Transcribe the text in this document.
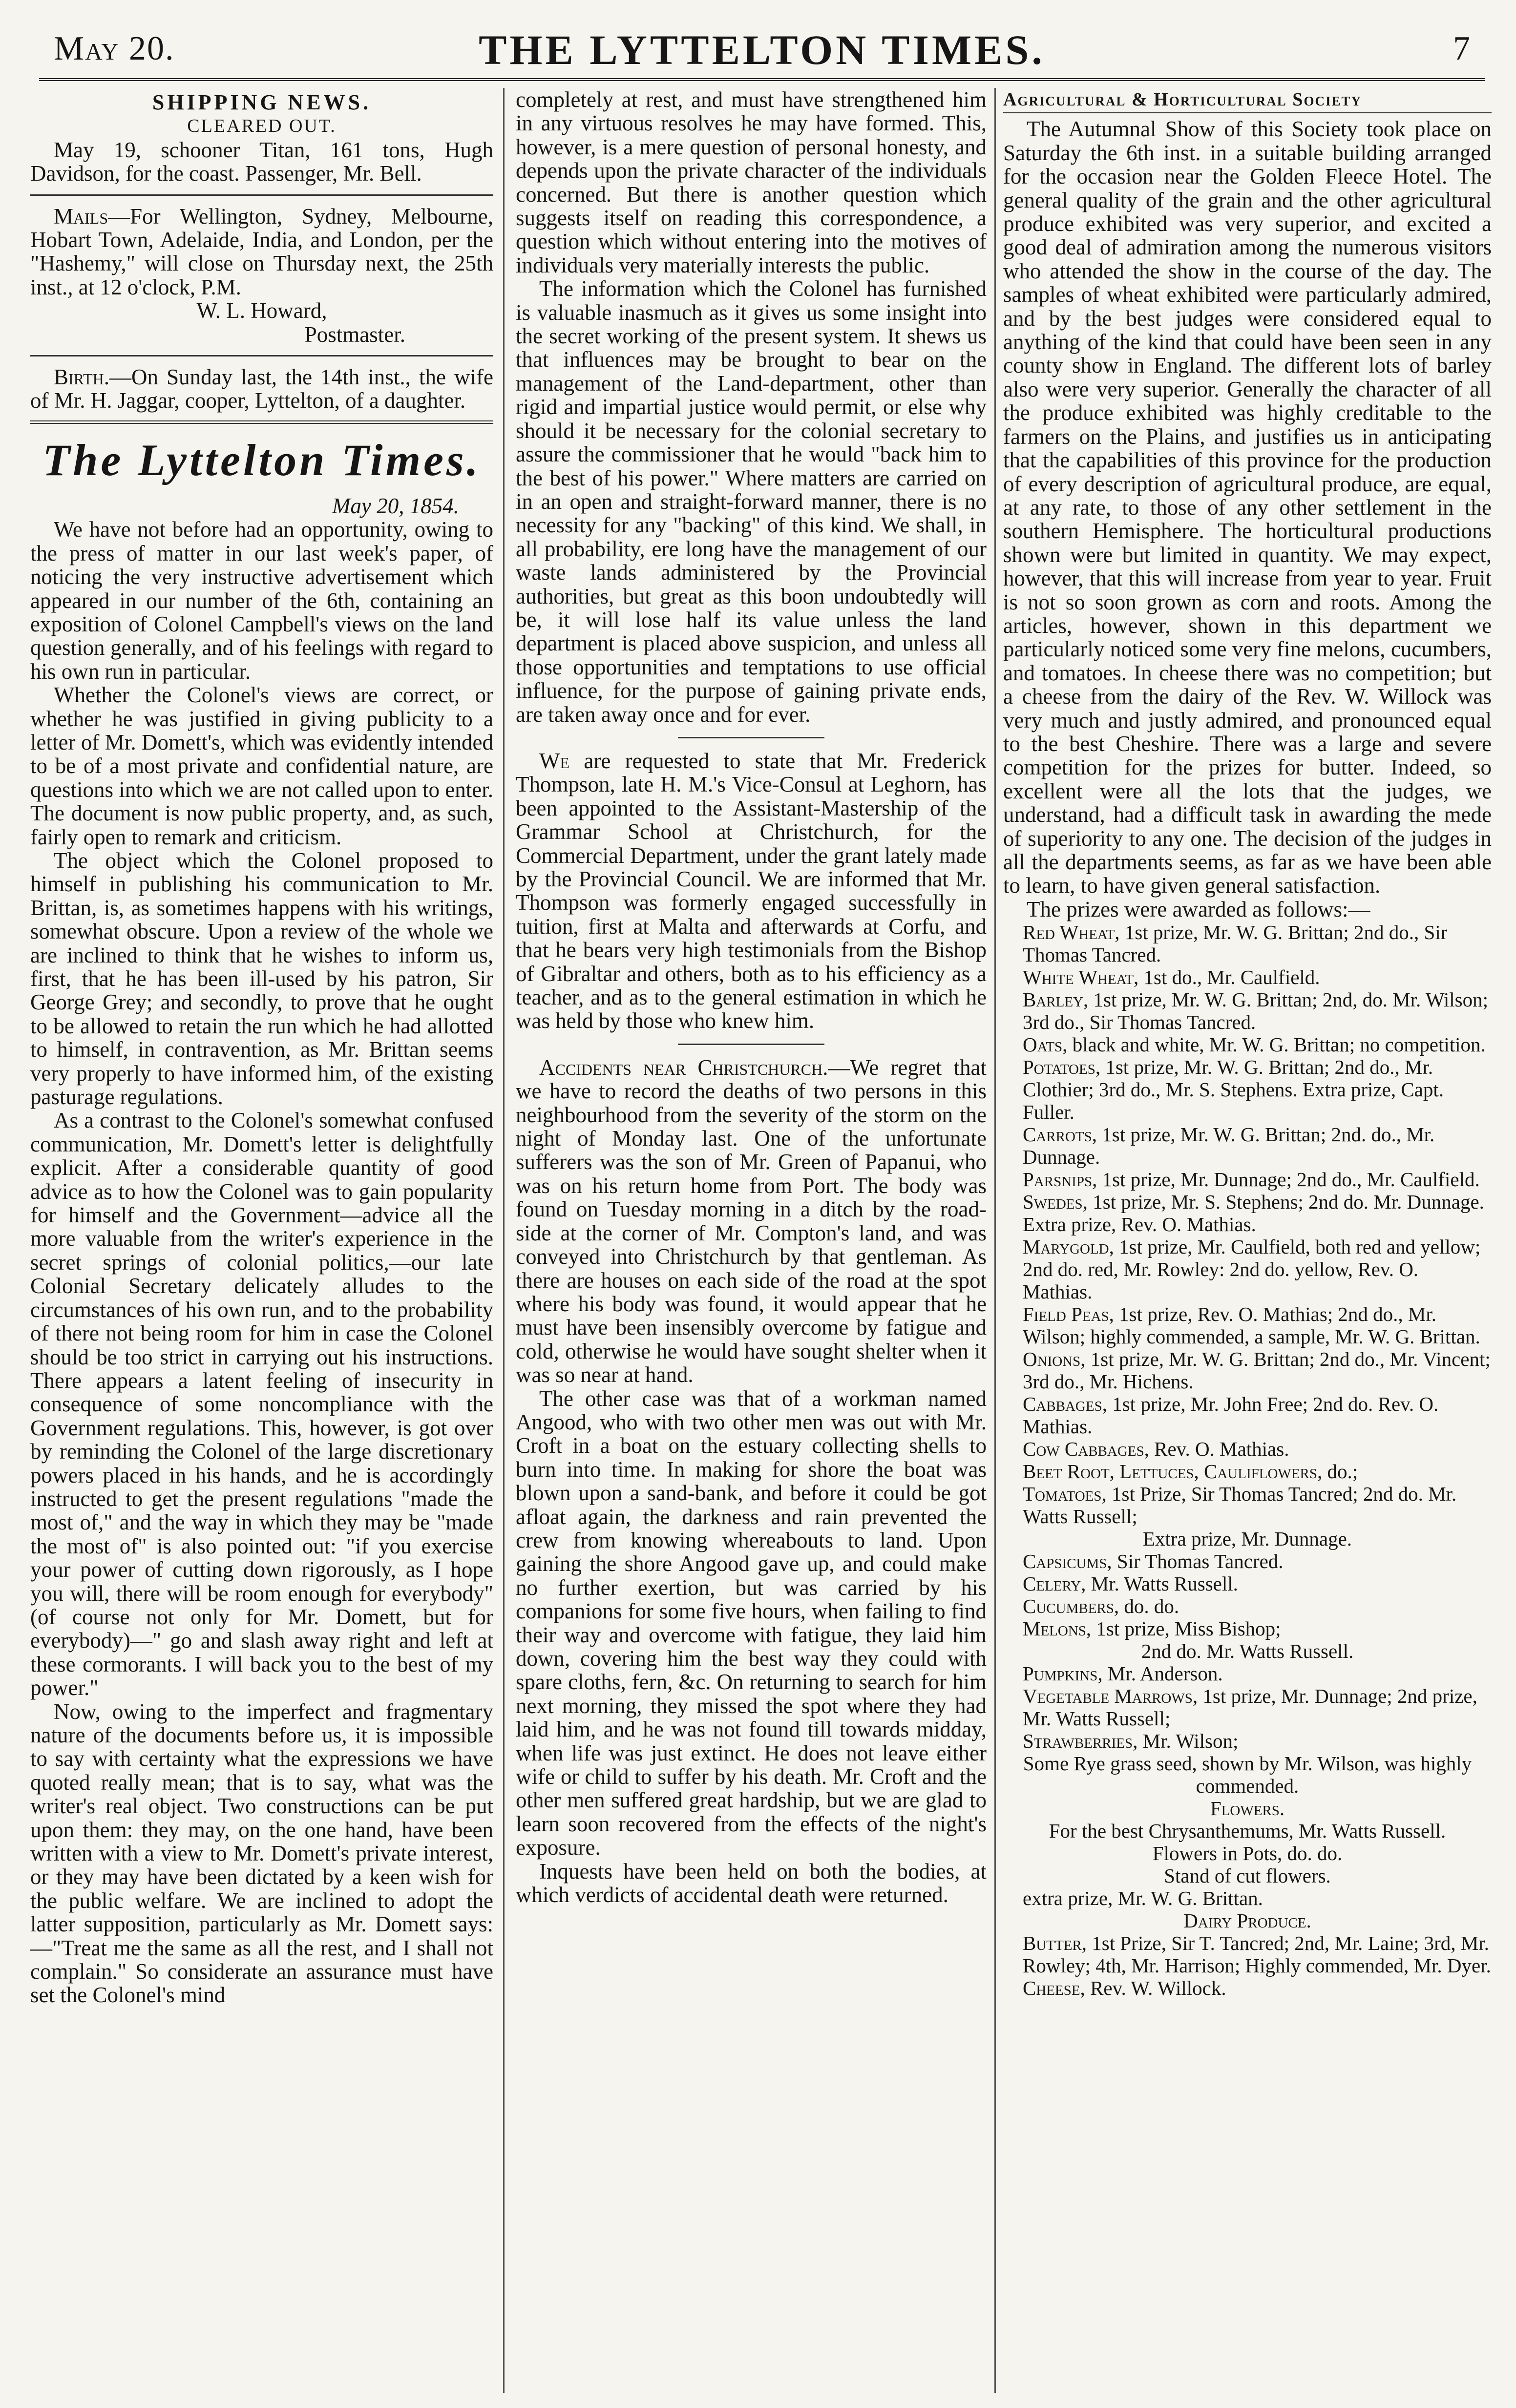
May 20.	THE LYTTELTON TIMES.	7
SHIPPING NEWS.
CLEARED OUT.

May 19, schooner Titan, 161 tons, Hugh Davidson, for the coast. Passenger, Mr. Bell.

Mails—For Wellington, Sydney, Melbourne, Hobart Town, Adelaide, India, and London, per the "Hashemy," will close on Thursday next, the 25th inst., at 12 o'clock, P.M.

W. L. Howard,
Postmaster.

Birth.—On Sunday last, the 14th inst., the wife of Mr. H. Jaggar, cooper, Lyttelton, of a daughter.

The Lyttelton Times.
May 20, 1854.

We have not before had an opportunity, owing to the press of matter in our last week's paper, of noticing the very instructive advertisement which appeared in our number of the 6th, containing an exposition of Colonel Campbell's views on the land question generally, and of his feelings with regard to his own run in particular.

Whether the Colonel's views are correct, or whether he was justified in giving publicity to a letter of Mr. Domett's, which was evidently intended to be of a most private and confidential nature, are questions into which we are not called upon to enter. The document is now public property, and, as such, fairly open to remark and criticism.

The object which the Colonel proposed to himself in publishing his communication to Mr. Brittan, is, as sometimes happens with his writings, somewhat obscure. Upon a review of the whole we are inclined to think that he wishes to inform us, first, that he has been ill-used by his patron, Sir George Grey; and secondly, to prove that he ought to be allowed to retain the run which he had allotted to himself, in contravention, as Mr. Brittan seems very properly to have informed him, of the existing pasturage regulations.

As a contrast to the Colonel's somewhat confused communication, Mr. Domett's letter is delightfully explicit. After a considerable quantity of good advice as to how the Colonel was to gain popularity for himself and the Government—advice all the more valuable from the writer's experience in the secret springs of colonial politics,—our late Colonial Secretary delicately alludes to the circumstances of his own run, and to the probability of there not being room for him in case the Colonel should be too strict in carrying out his instructions. There appears a latent feeling of insecurity in consequence of some noncompliance with the Government regulations. This, however, is got over by reminding the Colonel of the large discretionary powers placed in his hands, and he is accordingly instructed to get the present regulations "made the most of," and the way in which they may be "made the most of" is also pointed out: "if you exercise your power of cutting down rigorously, as I hope you will, there will be room enough for everybody" (of course not only for Mr. Domett, but for everybody)—" go and slash away right and left at these cormorants. I will back you to the best of my power."

Now, owing to the imperfect and fragmentary nature of the documents before us, it is impossible to say with certainty what the expressions we have quoted really mean; that is to say, what was the writer's real object. Two constructions can be put upon them: they may, on the one hand, have been written with a view to Mr. Domett's private interest, or they may have been dictated by a keen wish for the public welfare. We are inclined to adopt the latter supposition, particularly as Mr. Domett says:—"Treat me the same as all the rest, and I shall not complain." So considerate an assurance must have set the Colonel's mind

completely at rest, and must have strengthened him in any virtuous resolves he may have formed. This, however, is a mere question of personal honesty, and depends upon the private character of the individuals concerned. But there is another question which suggests itself on reading this correspondence, a question which without entering into the motives of individuals very materially interests the public.

The information which the Colonel has furnished is valuable inasmuch as it gives us some insight into the secret working of the present system. It shews us that influences may be brought to bear on the management of the Land-department, other than rigid and impartial justice would permit, or else why should it be necessary for the colonial secretary to assure the commissioner that he would "back him to the best of his power." Where matters are carried on in an open and straight-forward manner, there is no necessity for any "backing" of this kind. We shall, in all probability, ere long have the management of our waste lands administered by the Provincial authorities, but great as this boon undoubtedly will be, it will lose half its value unless the land department is placed above suspicion, and unless all those opportunities and temptations to use official influence, for the purpose of gaining private ends, are taken away once and for ever.

We are requested to state that Mr. Frederick Thompson, late H. M.'s Vice-Consul at Leghorn, has been appointed to the Assistant-Mastership of the Grammar School at Christchurch, for the Commercial Department, under the grant lately made by the Provincial Council. We are informed that Mr. Thompson was formerly engaged successfully in tuition, first at Malta and afterwards at Corfu, and that he bears very high testimonials from the Bishop of Gibraltar and others, both as to his efficiency as a teacher, and as to the general estimation in which he was held by those who knew him.

Accidents near Christchurch.—We regret that we have to record the deaths of two persons in this neighbourhood from the severity of the storm on the night of Monday last. One of the unfortunate sufferers was the son of Mr. Green of Papanui, who was on his return home from Port. The body was found on Tuesday morning in a ditch by the road-side at the corner of Mr. Compton's land, and was conveyed into Christchurch by that gentleman. As there are houses on each side of the road at the spot where his body was found, it would appear that he must have been insensibly overcome by fatigue and cold, otherwise he would have sought shelter when it was so near at hand.

The other case was that of a workman named Angood, who with two other men was out with Mr. Croft in a boat on the estuary collecting shells to burn into time. In making for shore the boat was blown upon a sand-bank, and before it could be got afloat again, the darkness and rain prevented the crew from knowing whereabouts to land. Upon gaining the shore Angood gave up, and could make no further exertion, but was carried by his companions for some five hours, when failing to find their way and overcome with fatigue, they laid him down, covering him the best way they could with spare cloths, fern, &c. On returning to search for him next morning, they missed the spot where they had laid him, and he was not found till towards midday, when life was just extinct. He does not leave either wife or child to suffer by his death. Mr. Croft and the other men suffered great hardship, but we are glad to learn soon recovered from the effects of the night's exposure.

Inquests have been held on both the bodies, at which verdicts of accidental death were returned.

Agricultural & Horticultural Society

The Autumnal Show of this Society took place on Saturday the 6th inst. in a suitable building arranged for the occasion near the Golden Fleece Hotel. The general quality of the grain and the other agricultural produce exhibited was very superior, and excited a good deal of admiration among the numerous visitors who attended the show in the course of the day. The samples of wheat exhibited were particularly admired, and by the best judges were considered equal to anything of the kind that could have been seen in any county show in England. The different lots of barley also were very superior. Generally the character of all the produce exhibited was highly creditable to the farmers on the Plains, and justifies us in anticipating that the capabilities of this province for the production of every description of agricultural produce, are equal, at any rate, to those of any other settlement in the southern Hemisphere. The horticultural productions shown were but limited in quantity. We may expect, however, that this will increase from year to year. Fruit is not so soon grown as corn and roots. Among the articles, however, shown in this department we particularly noticed some very fine melons, cucumbers, and tomatoes. In cheese there was no competition; but a cheese from the dairy of the Rev. W. Willock was very much and justly admired, and pronounced equal to the best Cheshire. There was a large and severe competition for the prizes for butter. Indeed, so excellent were all the lots that the judges, we understand, had a difficult task in awarding the mede of superiority to any one. The decision of the judges in all the departments seems, as far as we have been able to learn, to have given general satisfaction.

The prizes were awarded as follows:—

Red Wheat, 1st prize, Mr. W. G. Brittan; 2nd do., Sir Thomas Tancred.
White Wheat, 1st do., Mr. Caulfield.
Barley, 1st prize, Mr. W. G. Brittan; 2nd, do. Mr. Wilson; 3rd do., Sir Thomas Tancred.
Oats, black and white, Mr. W. G. Brittan; no competition.
Potatoes, 1st prize, Mr. W. G. Brittan; 2nd do., Mr. Clothier; 3rd do., Mr. S. Stephens. Extra prize, Capt. Fuller.
Carrots, 1st prize, Mr. W. G. Brittan; 2nd. do., Mr. Dunnage.
Parsnips, 1st prize, Mr. Dunnage; 2nd do., Mr. Caulfield.
Swedes, 1st prize, Mr. S. Stephens; 2nd do. Mr. Dunnage. Extra prize, Rev. O. Mathias.
Marygold, 1st prize, Mr. Caulfield, both red and yellow; 2nd do. red, Mr. Rowley: 2nd do. yellow, Rev. O. Mathias.
Field Peas, 1st prize, Rev. O. Mathias; 2nd do., Mr. Wilson; highly commended, a sample, Mr. W. G. Brittan.
Onions, 1st prize, Mr. W. G. Brittan; 2nd do., Mr. Vincent; 3rd do., Mr. Hichens.
Cabbages, 1st prize, Mr. John Free; 2nd do. Rev. O. Mathias.
Cow Cabbages, Rev. O. Mathias.
Beet Root, Lettuces, Cauliflowers, do.;
Tomatoes, 1st Prize, Sir Thomas Tancred; 2nd do. Mr. Watts Russell;
Extra prize, Mr. Dunnage.
Capsicums, Sir Thomas Tancred.
Celery, Mr. Watts Russell.
Cucumbers, do. do.
Melons, 1st prize, Miss Bishop;
2nd do. Mr. Watts Russell.
Pumpkins, Mr. Anderson.
Vegetable Marrows, 1st prize, Mr. Dunnage; 2nd prize, Mr. Watts Russell;
Strawberries, Mr. Wilson;
Some Rye grass seed, shown by Mr. Wilson, was highly commended.
Flowers.
For the best Chrysanthemums, Mr. Watts Russell.
Flowers in Pots, do. do.
Stand of cut flowers.
extra prize, Mr. W. G. Brittan.
Dairy Produce.
Butter, 1st Prize, Sir T. Tancred; 2nd, Mr. Laine; 3rd, Mr. Rowley; 4th, Mr. Harrison; Highly commended, Mr. Dyer.
Cheese, Rev. W. Willock.
